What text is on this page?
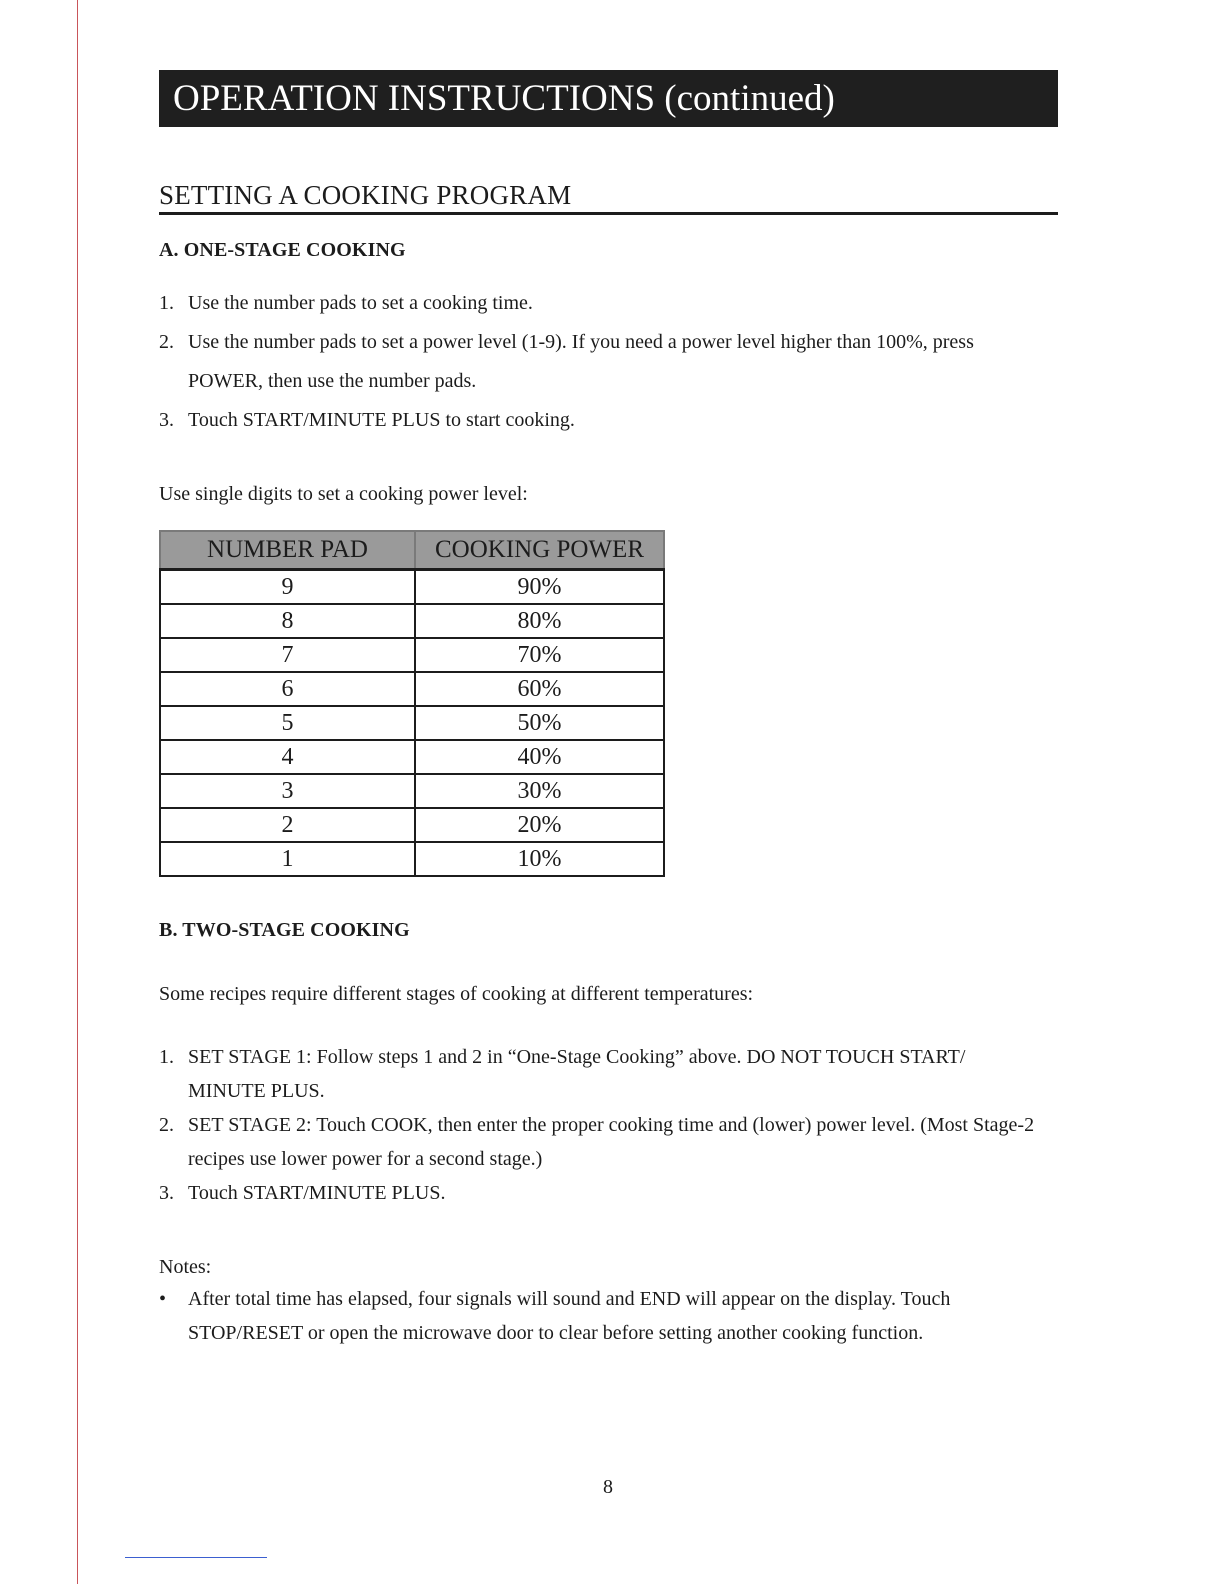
OPERATION INSTRUCTIONS (continued)
SETTING A COOKING PROGRAM
A. ONE-STAGE COOKING
1. Use the number pads to set a cooking time.
2. Use the number pads to set a power level (1-9). If you need a power level higher than 100%, press POWER, then use the number pads.
3. Touch START/MINUTE PLUS to start cooking.
Use single digits to set a cooking power level:
NUMBER PAD	COOKING POWER
9	90%
8	80%
7	70%
6	60%
5	50%
4	40%
3	30%
2	20%
1	10%
B. TWO-STAGE COOKING
Some recipes require different stages of cooking at different temperatures:
1. SET STAGE 1: Follow steps 1 and 2 in “One-Stage Cooking” above. DO NOT TOUCH START/ MINUTE PLUS.
2. SET STAGE 2: Touch COOK, then enter the proper cooking time and (lower) power level. (Most Stage-2 recipes use lower power for a second stage.)
3. Touch START/MINUTE PLUS.
Notes:
• After total time has elapsed, four signals will sound and END will appear on the display. Touch STOP/RESET or open the microwave door to clear before setting another cooking function.
8
